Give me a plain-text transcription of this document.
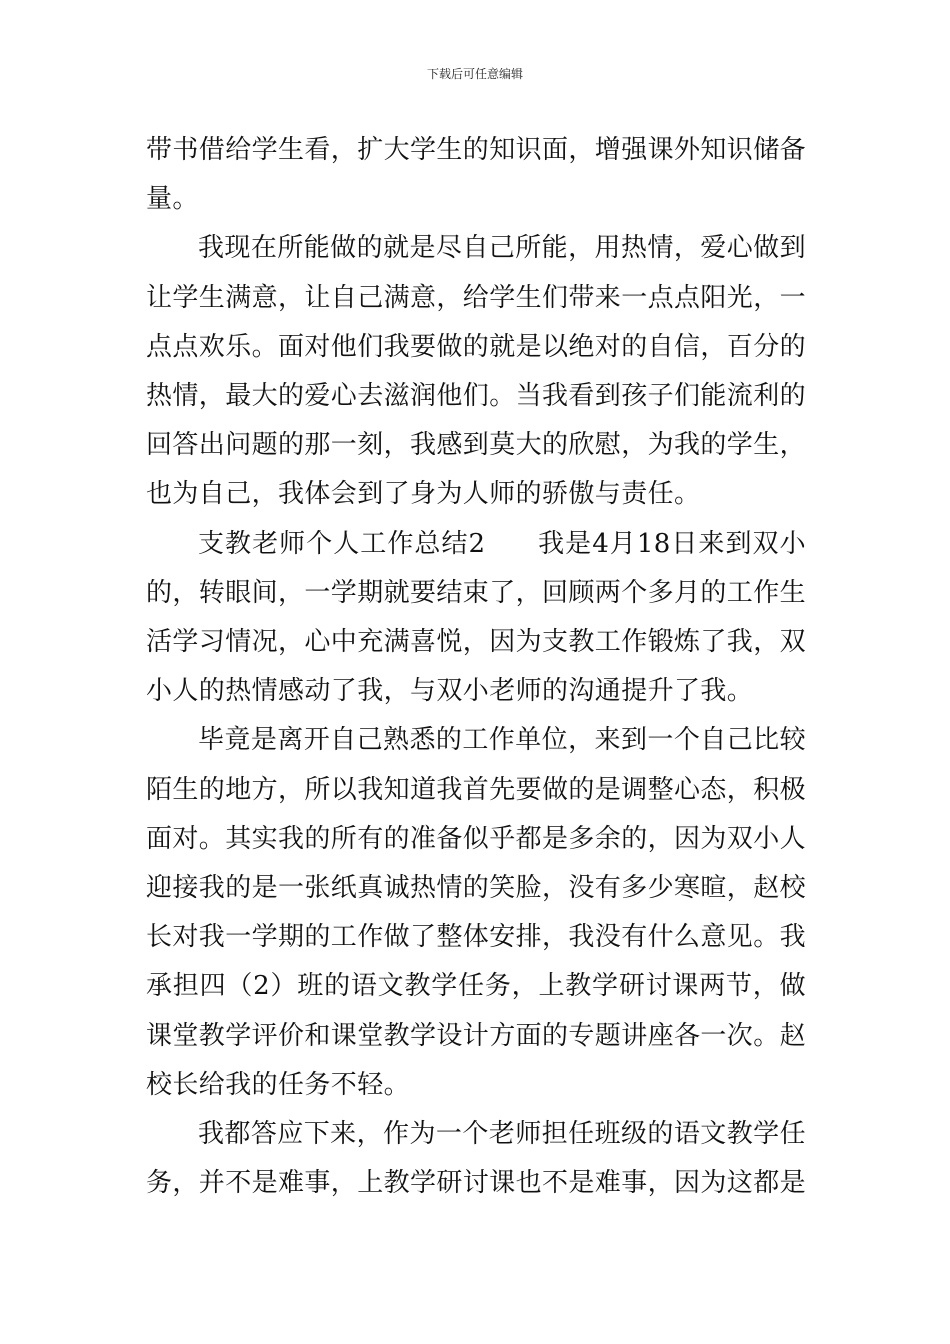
下载后可任意编辑

带书借给学生看，扩大学生的知识面，增强课外知识储备量。

我现在所能做的就是尽自己所能，用热情，爱心做到让学生满意，让自己满意，给学生们带来一点点阳光，一点点欢乐。面对他们我要做的就是以绝对的自信，百分的热情，最大的爱心去滋润他们。当我看到孩子们能流利的回答出问题的那一刻，我感到莫大的欣慰，为我的学生，也为自己，我体会到了身为人师的骄傲与责任。

支教老师个人工作总结2 我是4月18日来到双小的，转眼间，一学期就要结束了，回顾两个多月的工作生活学习情况，心中充满喜悦，因为支教工作锻炼了我，双小人的热情感动了我，与双小老师的沟通提升了我。

毕竟是离开自己熟悉的工作单位，来到一个自己比较陌生的地方，所以我知道我首先要做的是调整心态，积极面对。其实我的所有的准备似乎都是多余的，因为双小人迎接我的是一张纸真诚热情的笑脸，没有多少寒暄，赵校长对我一学期的工作做了整体安排，我没有什么意见。我承担四（2）班的语文教学任务，上教学研讨课两节，做课堂教学评价和课堂教学设计方面的专题讲座各一次。赵校长给我的任务不轻。

我都答应下来，作为一个老师担任班级的语文教学任务，并不是难事，上教学研讨课也不是难事，因为这都是
